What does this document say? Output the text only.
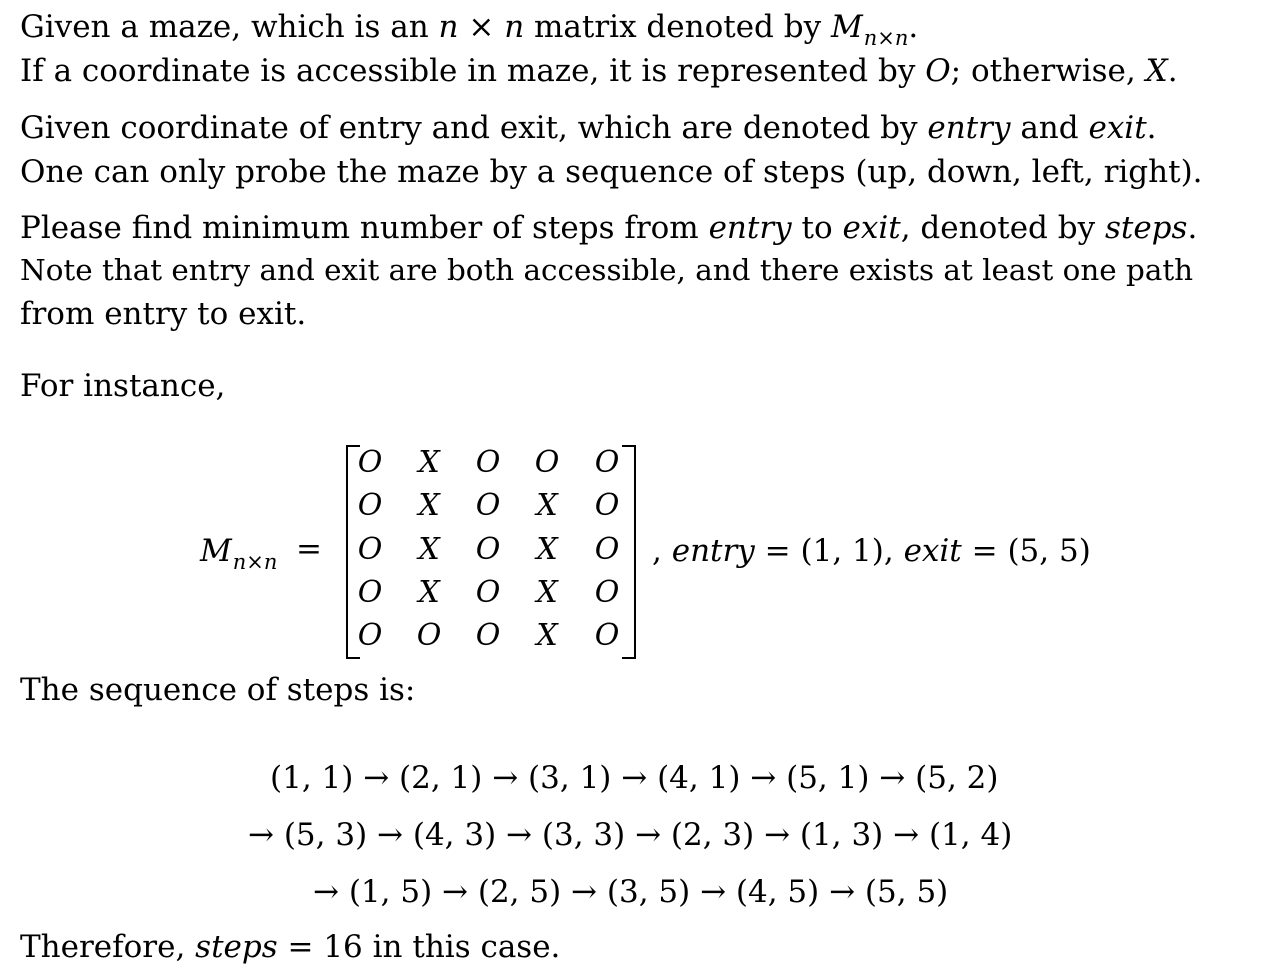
Given a maze, which is an n × n matrix denoted by $M_{n\times n}$.
If a coordinate is accessible in maze, it is represented by O; otherwise, X.
Given coordinate of entry and exit, which are denoted by entry and exit.
One can only probe the maze by a sequence of steps (up, down, left, right).
Please find minimum number of steps from entry to exit, denoted by steps.
Note that entry and exit are both accessible, and there exists at least one path
from entry to exit.
For instance,
$M_{n\times n}$ =
O	X	O O O
O	X	O	X	O
O	X	O	X	O
O	X	O	X	O
O O O	X	O
, entry = (1, 1), exit = (5, 5)
The sequence of steps is:
(1, 1) → (2, 1) → (3, 1) → (4, 1) → (5, 1) → (5, 2)
→ (5, 3) → (4, 3) → (3, 3) → (2, 3) → (1, 3) → (1, 4)
→ (1, 5) → (2, 5) → (3, 5) → (4, 5) → (5, 5)
Therefore, steps = 16 in this case.
